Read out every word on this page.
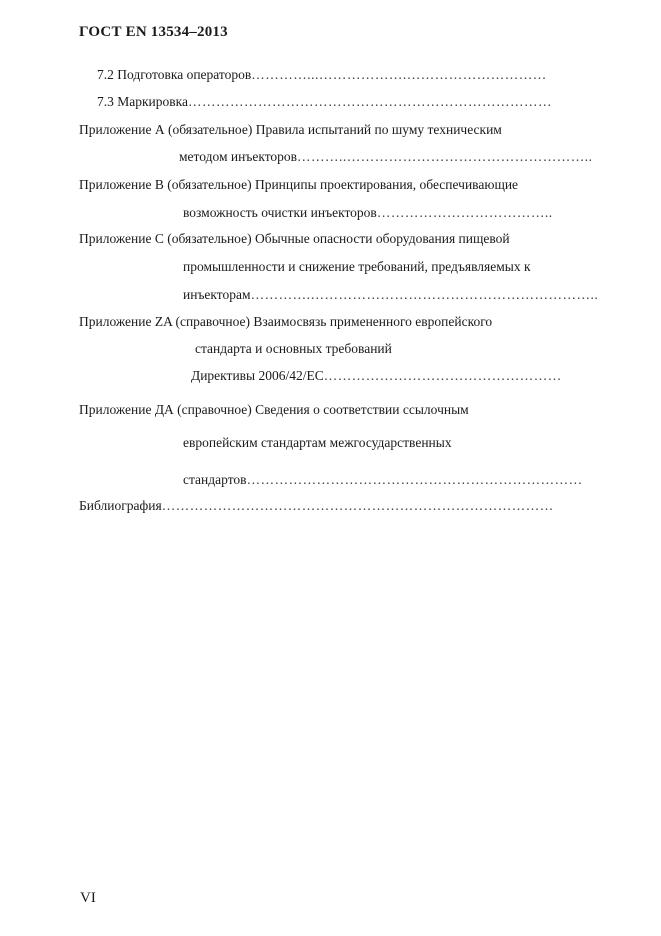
ГОСТ EN 13534–2013
7.2 Подготовка операторов…………...……………….…………………………
7.3 Маркировка……………………………………………………………………
Приложение А (обязательное) Правила испытаний по шуму техническим
методом инъекторов………..……………………………………………..
Приложение В (обязательное) Принципы проектирования, обеспечивающие
возможность очистки инъекторов………………………………..
Приложение С (обязательное) Обычные опасности оборудования пищевой
промышленности и снижение требований, предъявляемых к
инъекторам………….……………………………………………………..
Приложение ZA (справочное) Взаимосвязь примененного европейского
стандарта и основных требований
Директивы 2006/42/ЕС……………………………………………
Приложение ДА (справочное) Сведения о соответствии ссылочным
европейским стандартам межгосударственных
стандартов………………………………………………………………
Библиография…………………………………………………………………………
VI
